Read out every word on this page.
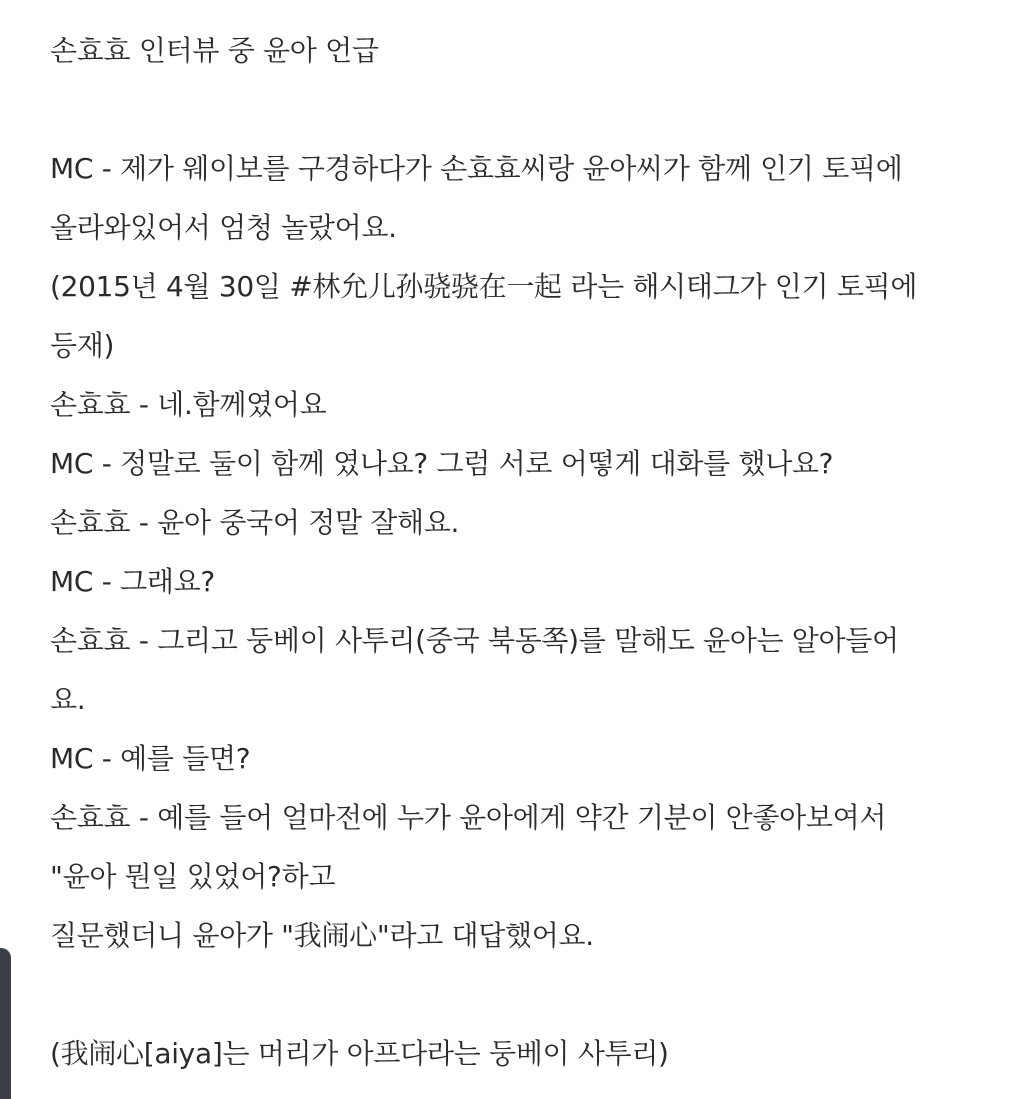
손효효 인터뷰 중 윤아 언급
MC - 제가 웨이보를 구경하다가 손효효씨랑 윤아씨가 함께 인기 토픽에
올라와있어서 엄청 놀랐어요.
(2015년 4월 30일 #林允儿孙骁骁在一起 라는 해시태그가 인기 토픽에
등재)
손효효 - 네.함께였어요
MC - 정말로 둘이 함께 였나요? 그럼 서로 어떻게 대화를 했나요?
손효효 - 윤아 중국어 정말 잘해요.
MC - 그래요?
손효효 - 그리고 둥베이 사투리(중국 북동쪽)를 말해도 윤아는 알아들어
요.
MC - 예를 들면?
손효효 - 예를 들어 얼마전에 누가 윤아에게 약간 기분이 안좋아보여서
"윤아 뭔일 있었어?하고
질문했더니 윤아가 "我闹心"라고 대답했어요.
(我闹心[aiya]는 머리가 아프다라는 둥베이 사투리)
